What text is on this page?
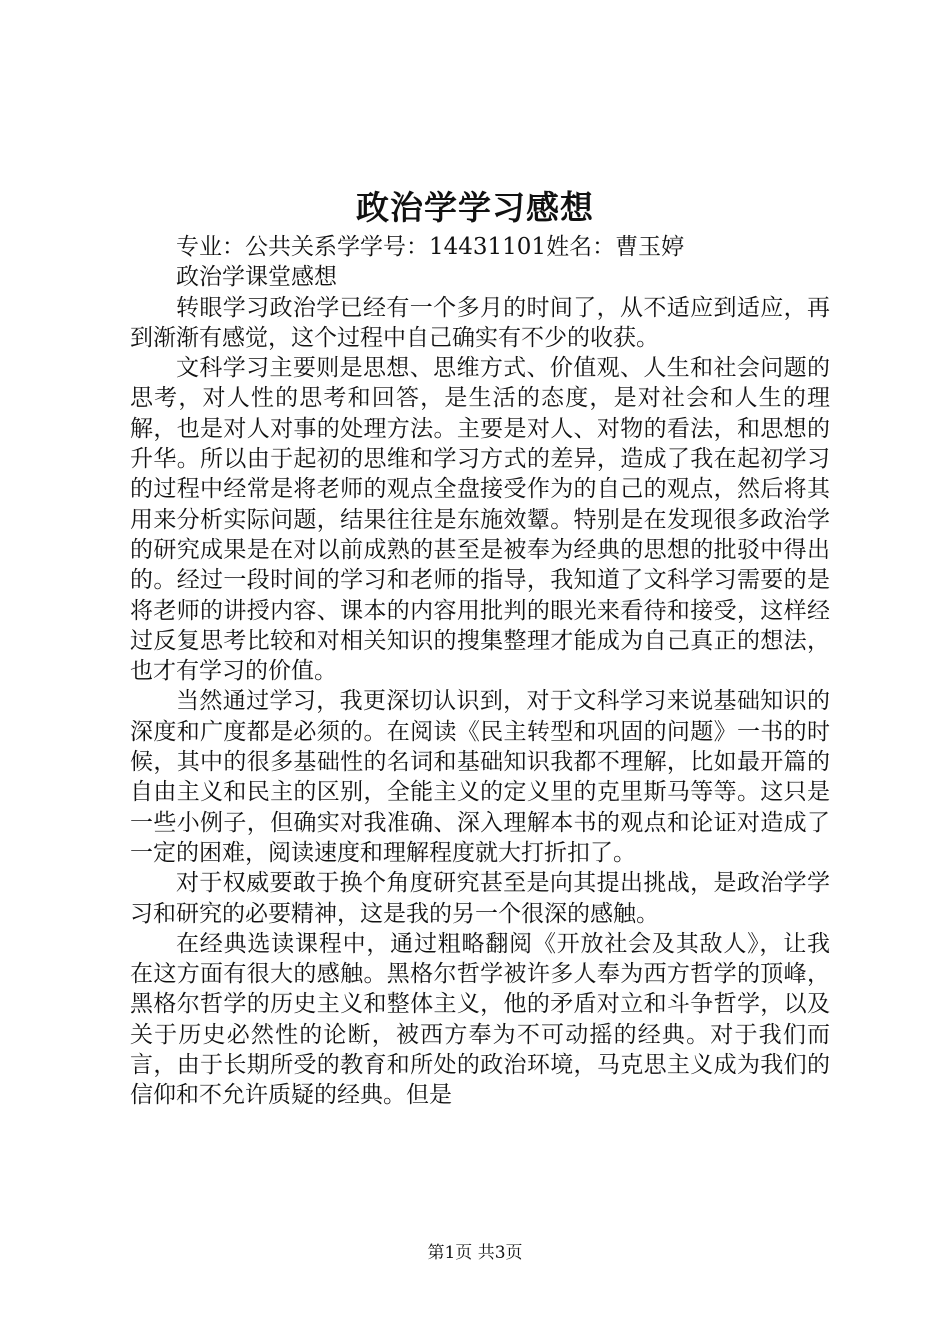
政治学学习感想

专业：公共关系学学号：14431101姓名：曹玉婷

政治学课堂感想

转眼学习政治学已经有一个多月的时间了，从不适应到适应，再到渐渐有感觉，这个过程中自己确实有不少的收获。

文科学习主要则是思想、思维方式、价值观、人生和社会问题的思考，对人性的思考和回答，是生活的态度，是对社会和人生的理解，也是对人对事的处理方法。主要是对人、对物的看法，和思想的升华。所以由于起初的思维和学习方式的差异，造成了我在起初学习的过程中经常是将老师的观点全盘接受作为的自己的观点，然后将其用来分析实际问题，结果往往是东施效颦。特别是在发现很多政治学的研究成果是在对以前成熟的甚至是被奉为经典的思想的批驳中得出的。经过一段时间的学习和老师的指导，我知道了文科学习需要的是将老师的讲授内容、课本的内容用批判的眼光来看待和接受，这样经过反复思考比较和对相关知识的搜集整理才能成为自己真正的想法，也才有学习的价值。

当然通过学习，我更深切认识到，对于文科学习来说基础知识的深度和广度都是必须的。在阅读《民主转型和巩固的问题》一书的时候，其中的很多基础性的名词和基础知识我都不理解，比如最开篇的自由主义和民主的区别，全能主义的定义里的克里斯马等等。这只是一些小例子，但确实对我准确、深入理解本书的观点和论证对造成了一定的困难，阅读速度和理解程度就大打折扣了。

对于权威要敢于换个角度研究甚至是向其提出挑战，是政治学学习和研究的必要精神，这是我的另一个很深的感触。

在经典选读课程中，通过粗略翻阅《开放社会及其敌人》，让我在这方面有很大的感触。黑格尔哲学被许多人奉为西方哲学的顶峰，黑格尔哲学的历史主义和整体主义，他的矛盾对立和斗争哲学，以及关于历史必然性的论断，被西方奉为不可动摇的经典。对于我们而言，由于长期所受的教育和所处的政治环境，马克思主义成为我们的信仰和不允许质疑的经典。但是

第1页 共3页
